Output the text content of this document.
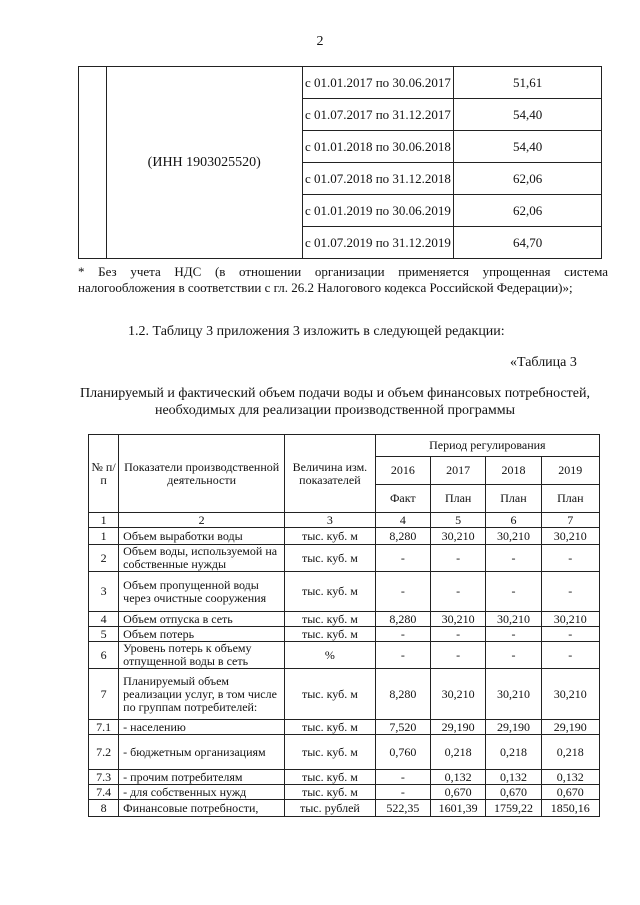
2
	(ИНН 1903025520)	с 01.01.2017 по 30.06.2017	51,61
		с 01.07.2017 по 31.12.2017	54,40
		с 01.01.2018 по 30.06.2018	54,40
		с 01.07.2018 по 31.12.2018	62,06
		с 01.01.2019 по 30.06.2019	62,06
		с 01.07.2019 по 31.12.2019	64,70
* Без учета НДС (в отношении организации применяется упрощенная система налогообложения в соответствии с гл. 26.2 Налогового кодекса Российской Федерации)»;
1.2. Таблицу 3 приложения 3 изложить в следующей редакции:
«Таблица 3
Планируемый и фактический объем подачи воды и объем финансовых потребностей, необходимых для реализации производственной программы
№ п/п	Показатели производственной деятельности	Величина изм. показателей	Период регулирования			
			2016	2017	2018	2019
			Факт	План	План	План
1	2	3	4	5	6	7
1	Объем выработки воды	тыс. куб. м	8,280	30,210	30,210	30,210
2	Объем воды, используемой на собственные нужды	тыс. куб. м	-	-	-	-
3	Объем пропущенной воды через очистные сооружения	тыс. куб. м	-	-	-	-
4	Объем отпуска в сеть	тыс. куб. м	8,280	30,210	30,210	30,210
5	Объем потерь	тыс. куб. м	-	-	-	-
6	Уровень потерь к объему отпущенной воды в сеть	%	-	-	-	-
7	Планируемый объем реализации услуг, в том числе по группам потребителей:	тыс. куб. м	8,280	30,210	30,210	30,210
7.1	- населению	тыс. куб. м	7,520	29,190	29,190	29,190
7.2	- бюджетным организациям	тыс. куб. м	0,760	0,218	0,218	0,218
7.3	- прочим потребителям	тыс. куб. м	-	0,132	0,132	0,132
7.4	- для собственных нужд	тыс. куб. м	-	0,670	0,670	0,670
8	Финансовые потребности,	тыс. рублей	522,35	1601,39	1759,22	1850,16
